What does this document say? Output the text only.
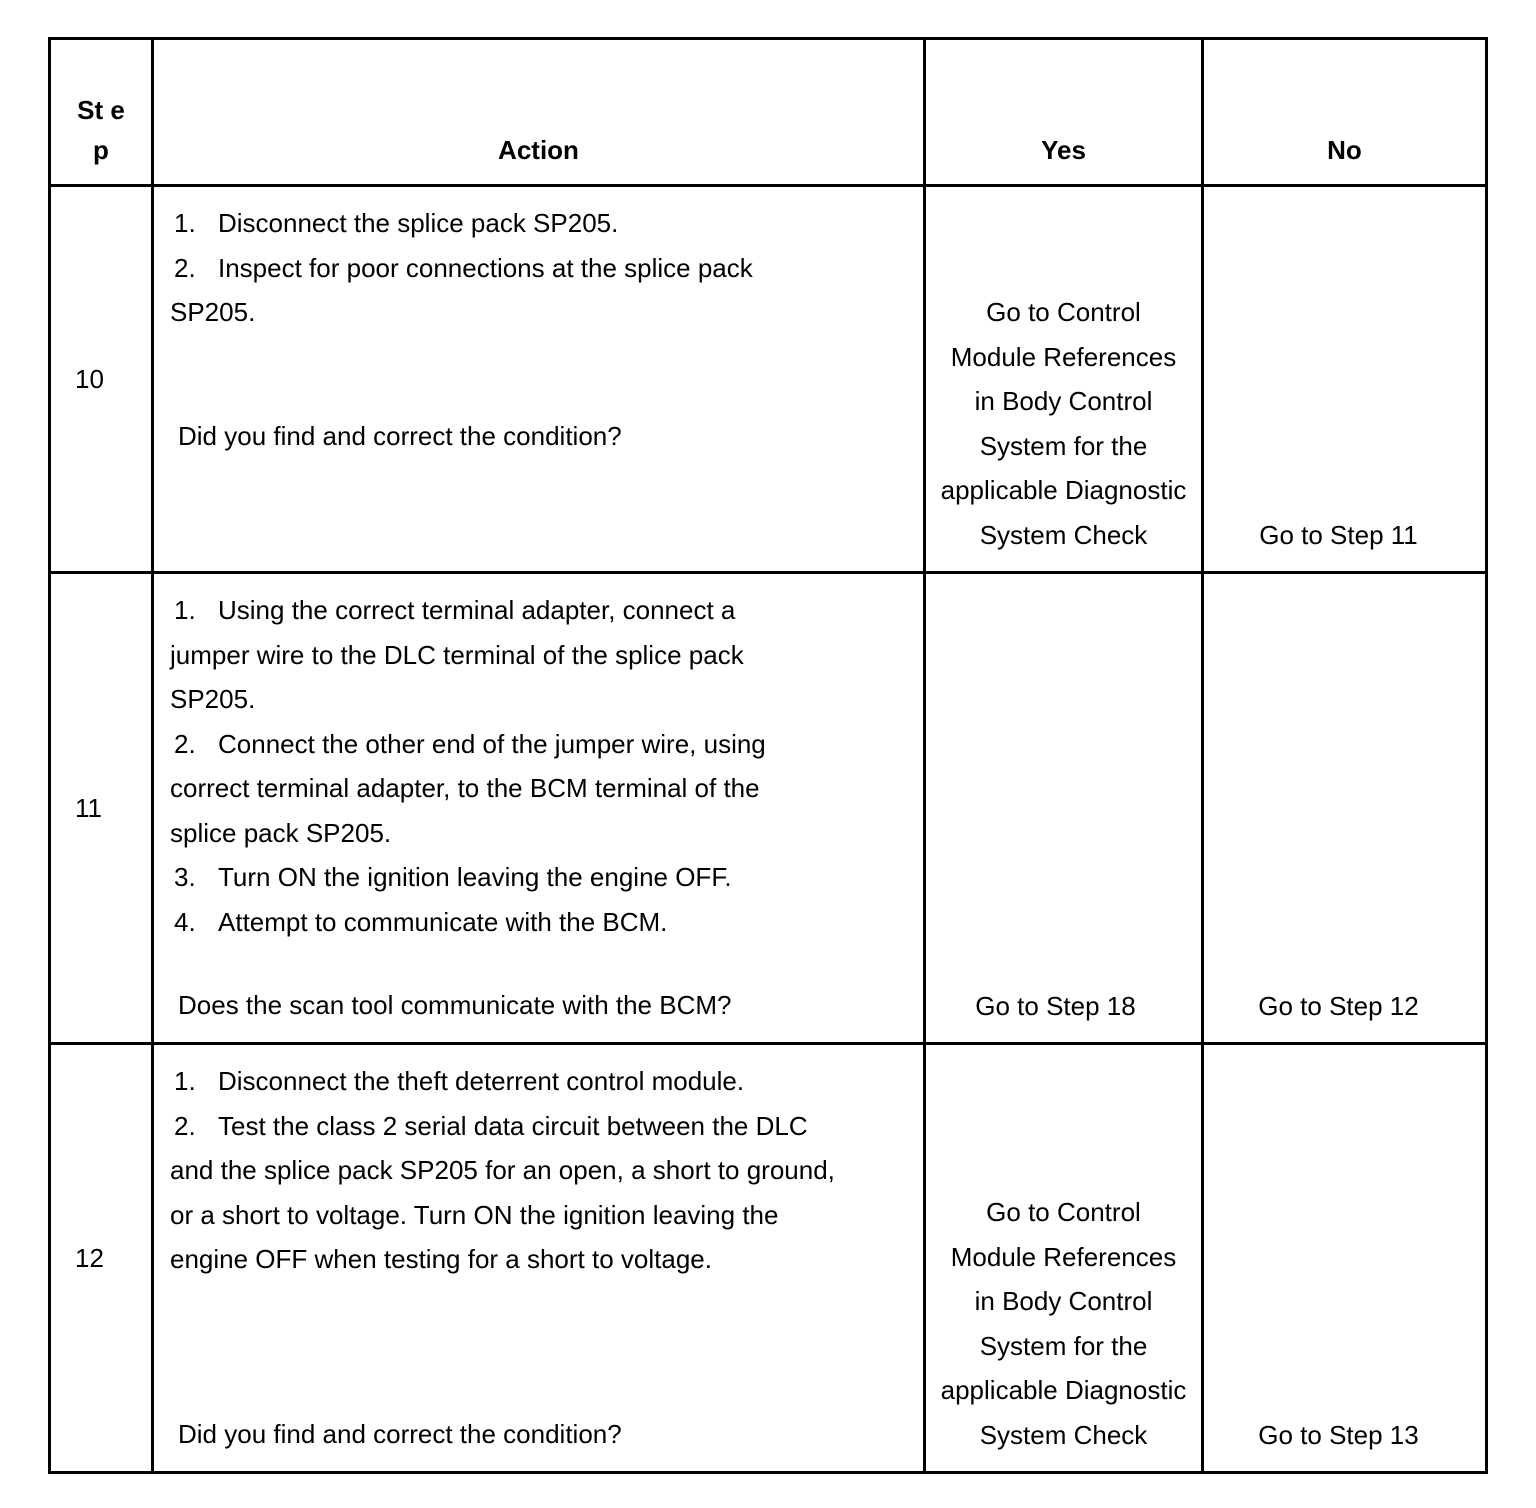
St ep	Action	Yes	No
10	1. Disconnect the splice pack SP205.
2. Inspect for poor connections at the splice pack SP205.
Did you find and correct the condition?	Go to Control Module References in Body Control System for the applicable Diagnostic System Check	Go to Step 11

11	1. Using the correct terminal adapter, connect a jumper wire to the DLC terminal of the splice pack SP205.
2. Connect the other end of the jumper wire, using correct terminal adapter, to the BCM terminal of the splice pack SP205.
3. Turn ON the ignition leaving the engine OFF.
4. Attempt to communicate with the BCM.
Does the scan tool communicate with the BCM?	Go to Step 18	Go to Step 12

12	1. Disconnect the theft deterrent control module.
2. Test the class 2 serial data circuit between the DLC and the splice pack SP205 for an open, a short to ground, or a short to voltage. Turn ON the ignition leaving the engine OFF when testing for a short to voltage.
Did you find and correct the condition?	Go to Control Module References in Body Control System for the applicable Diagnostic System Check	Go to Step 13
